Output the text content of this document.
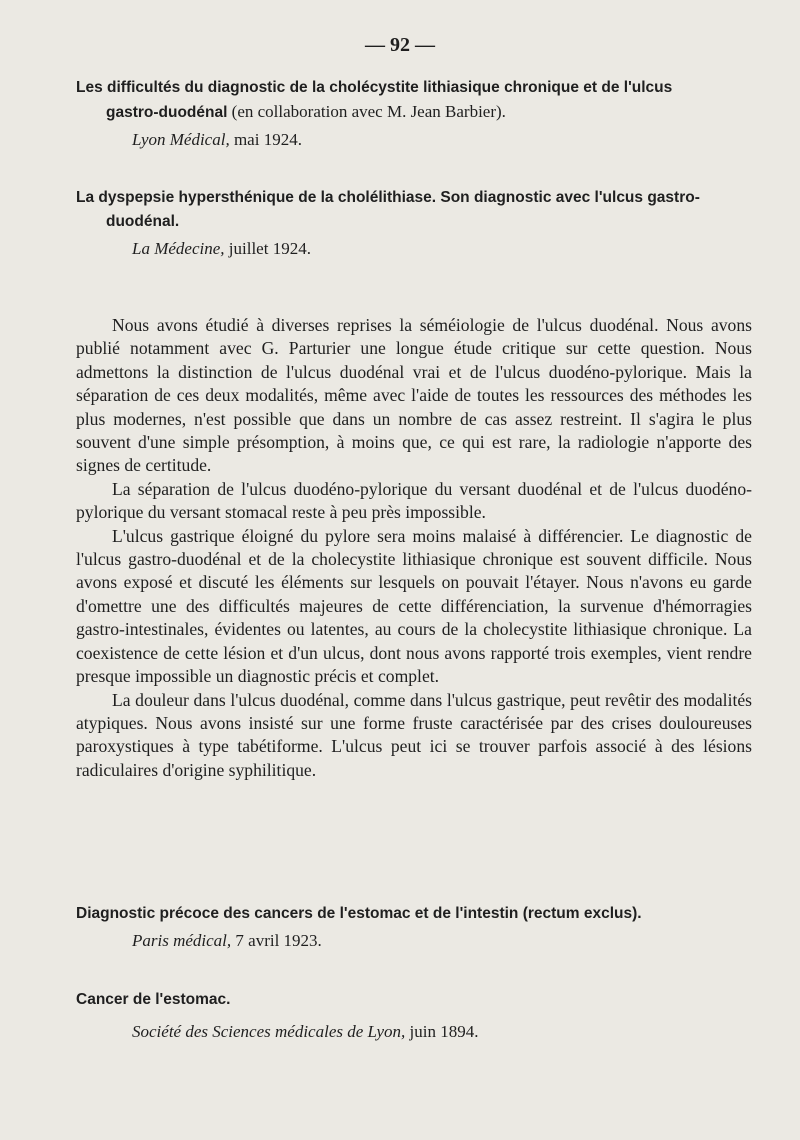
— 92 —

Les difficultés du diagnostic de la cholécystite lithiasique chronique et de l'ulcus
gastro-duodénal (en collaboration avec M. Jean Barbier).

Lyon Médical, mai 1924.

La dyspepsie hypersthénique de la cholélithiase. Son diagnostic avec l'ulcus gastro-
duodénal.

La Médecine, juillet 1924.

Nous avons étudié à diverses reprises la séméiologie de l'ulcus duodénal. Nous avons publié notamment avec G. Parturier une longue étude critique sur cette question. Nous admettons la distinction de l'ulcus duodénal vrai et de l'ulcus duodéno-pylorique. Mais la séparation de ces deux modalités, même avec l'aide de toutes les ressources des méthodes les plus modernes, n'est possible que dans un nombre de cas assez restreint. Il s'agira le plus souvent d'une simple présomption, à moins que, ce qui est rare, la radiologie n'apporte des signes de certitude.

La séparation de l'ulcus duodéno-pylorique du versant duodénal et de l'ulcus duodéno-pylorique du versant stomacal reste à peu près impossible.

L'ulcus gastrique éloigné du pylore sera moins malaisé à différencier. Le diagnostic de l'ulcus gastro-duodénal et de la cholecystite lithiasique chronique est souvent difficile. Nous avons exposé et discuté les éléments sur lesquels on pouvait l'étayer. Nous n'avons eu garde d'omettre une des difficultés majeures de cette différenciation, la survenue d'hémorragies gastro-intestinales, évidentes ou latentes, au cours de la cholecystite lithiasique chronique. La coexistence de cette lésion et d'un ulcus, dont nous avons rapporté trois exemples, vient rendre presque impossible un diagnostic précis et complet.

La douleur dans l'ulcus duodénal, comme dans l'ulcus gastrique, peut revêtir des modalités atypiques. Nous avons insisté sur une forme fruste caractérisée par des crises douloureuses paroxystiques à type tabétiforme. L'ulcus peut ici se trouver parfois associé à des lésions radiculaires d'origine syphilitique.

Diagnostic précoce des cancers de l'estomac et de l'intestin (rectum exclus).

Paris médical, 7 avril 1923.

Cancer de l'estomac.

Société des Sciences médicales de Lyon, juin 1894.
